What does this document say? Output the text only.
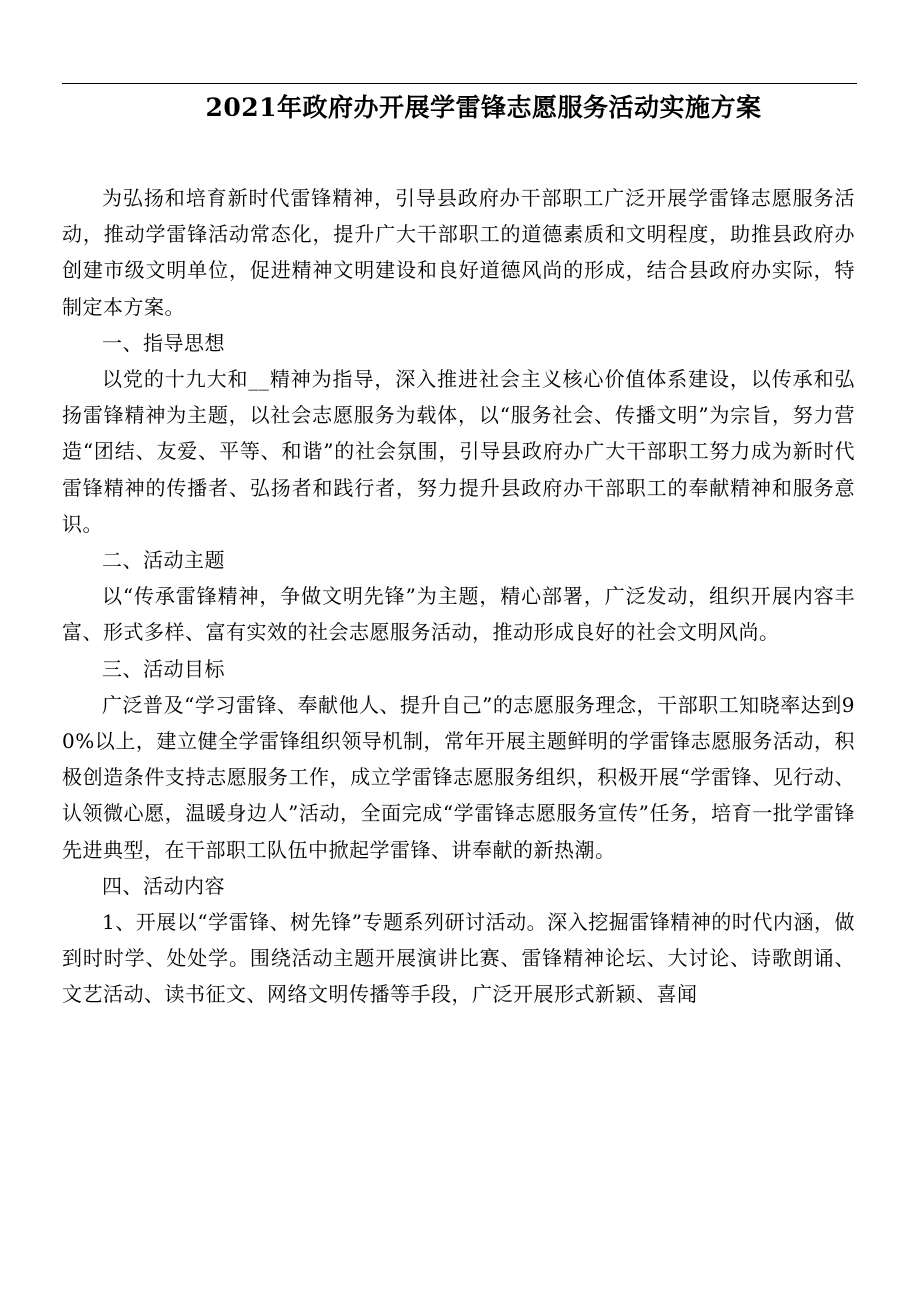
2021年政府办开展学雷锋志愿服务活动实施方案

为弘扬和培育新时代雷锋精神，引导县政府办干部职工广泛开展学雷锋志愿服务活动，推动学雷锋活动常态化，提升广大干部职工的道德素质和文明程度，助推县政府办创建市级文明单位，促进精神文明建设和良好道德风尚的形成，结合县政府办实际，特制定本方案。

一、指导思想

以党的十九大和__精神为指导，深入推进社会主义核心价值体系建设，以传承和弘扬雷锋精神为主题，以社会志愿服务为载体，以“服务社会、传播文明”为宗旨，努力营造“团结、友爱、平等、和谐”的社会氛围，引导县政府办广大干部职工努力成为新时代雷锋精神的传播者、弘扬者和践行者，努力提升县政府办干部职工的奉献精神和服务意识。

二、活动主题

以“传承雷锋精神，争做文明先锋”为主题，精心部署，广泛发动，组织开展内容丰富、形式多样、富有实效的社会志愿服务活动，推动形成良好的社会文明风尚。

三、活动目标

广泛普及“学习雷锋、奉献他人、提升自己”的志愿服务理念，干部职工知晓率达到90%以上，建立健全学雷锋组织领导机制，常年开展主题鲜明的学雷锋志愿服务活动，积极创造条件支持志愿服务工作，成立学雷锋志愿服务组织，积极开展“学雷锋、见行动、认领微心愿，温暖身边人”活动，全面完成“学雷锋志愿服务宣传”任务，培育一批学雷锋先进典型，在干部职工队伍中掀起学雷锋、讲奉献的新热潮。

四、活动内容

1、开展以“学雷锋、树先锋”专题系列研讨活动。深入挖掘雷锋精神的时代内涵，做到时时学、处处学。围绕活动主题开展演讲比赛、雷锋精神论坛、大讨论、诗歌朗诵、文艺活动、读书征文、网络文明传播等手段，广泛开展形式新颖、喜闻
